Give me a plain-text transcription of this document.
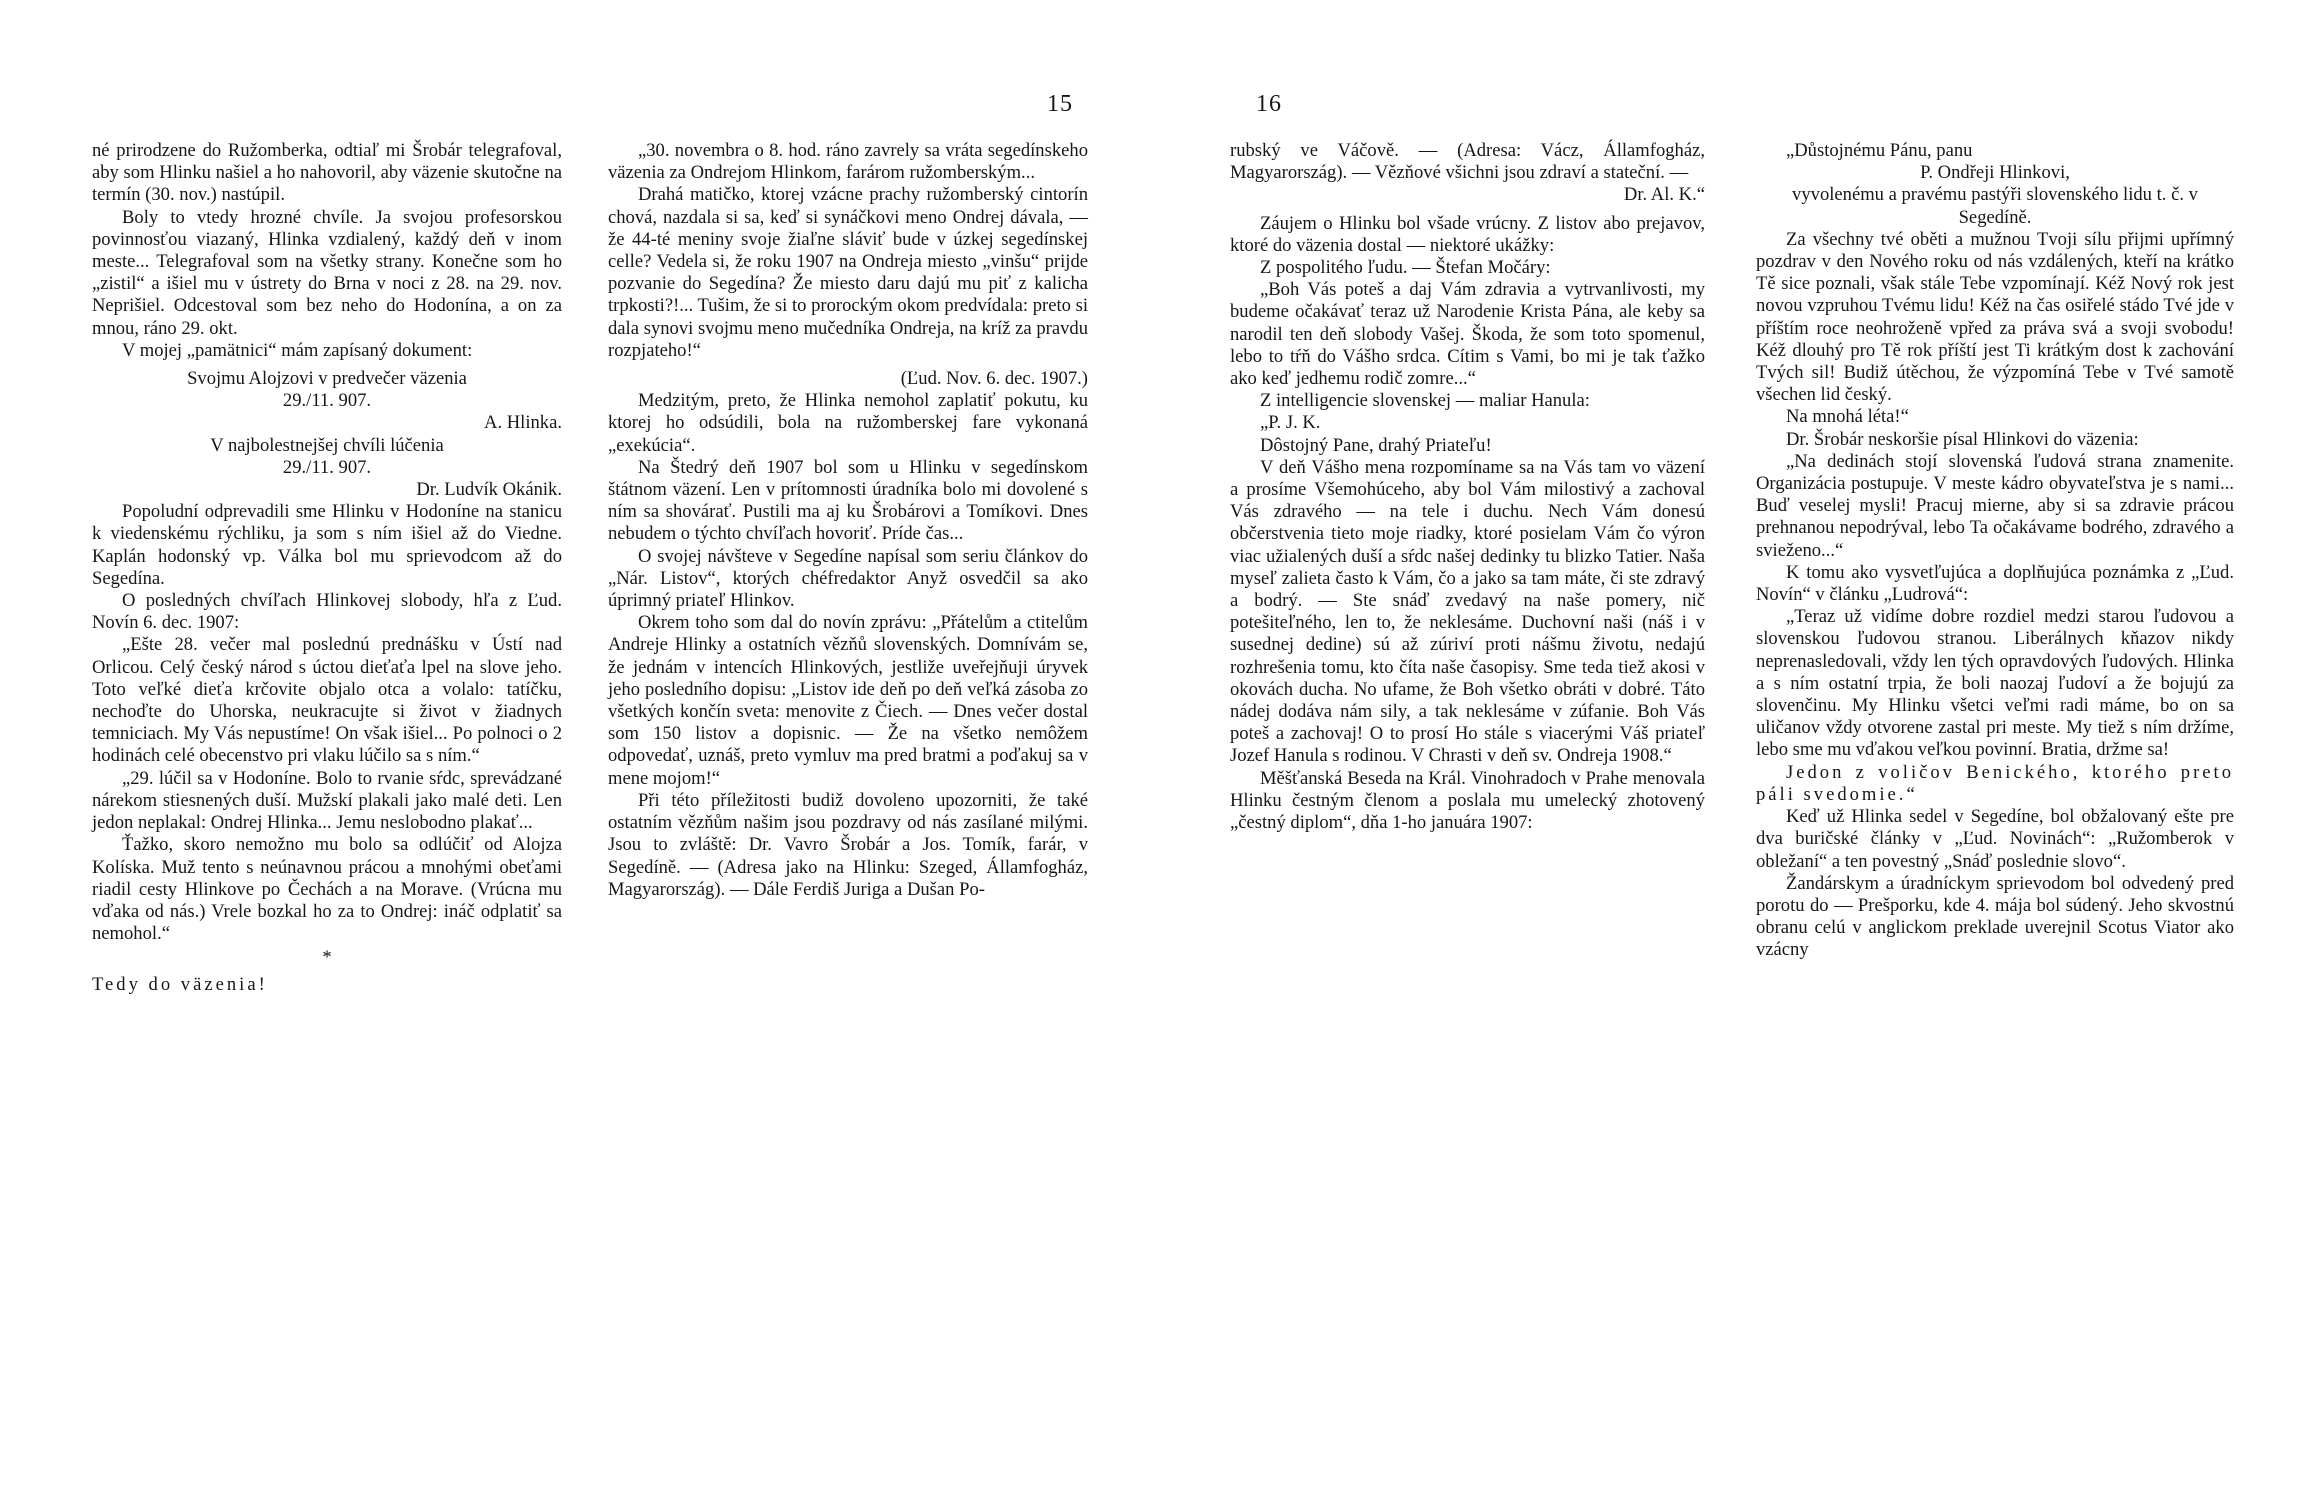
15

né prirodzene do Ružomberka, odtiaľ mi Šrobár telegrafoval, aby som Hlinku našiel a ho nahovoril, aby väzenie skutočne na termín (30. nov.) nastúpil.

Boly to vtedy hrozné chvíle. Ja svojou profesorskou povinnosťou viazaný, Hlinka vzdialený, každý deň v inom meste... Telegrafoval som na všetky strany. Konečne som ho „zistil“ a išiel mu v ústrety do Brna v noci z 28. na 29. nov. Neprišiel. Odcestoval som bez neho do Hodonína, a on za mnou, ráno 29. okt.

V mojej „pamätnici“ mám zapísaný dokument:

Svojmu Alojzovi v predvečer väzenia

29./11. 907.

A. Hlinka.

V najbolestnejšej chvíli lúčenia

29./11. 907.

Dr. Ludvík Okánik.

Popoludní odprevadili sme Hlinku v Hodoníne na stanicu k viedenskému rýchliku, ja som s ním išiel až do Viedne. Kaplán hodonský vp. Válka bol mu sprievodcom až do Segedína.

O posledných chvíľach Hlinkovej slobody, hľa z Ľud. Novín 6. dec. 1907:

„Ešte 28. večer mal poslednú prednášku v Ústí nad Orlicou. Celý český národ s úctou dieťaťa lpel na slove jeho. Toto veľké dieťa krčovite objalo otca a volalo: tatíčku, nechoďte do Uhorska, neukracujte si život v žiadnych temniciach. My Vás nepustíme! On však išiel... Po polnoci o 2 hodinách celé obecenstvo pri vlaku lúčilo sa s ním.“

„29. lúčil sa v Hodoníne. Bolo to rvanie sŕdc, sprevádzané nárekom stiesnených duší. Mužskí plakali jako malé deti. Len jedon neplakal: Ondrej Hlinka... Jemu neslobodno plakať...

Ťažko, skoro nemožno mu bolo sa odlúčiť od Alojza Kolíska. Muž tento s neúnavnou prácou a mnohými obeťami riadil cesty Hlinkove po Čechách a na Morave. (Vrúcna mu vďaka od nás.) Vrele bozkal ho za to Ondrej: ináč odplatiť sa nemohol.“

*

Tedy do väzenia!

„30. novembra o 8. hod. ráno zavrely sa vráta segedínskeho väzenia za Ondrejom Hlinkom, farárom ružomberským...

Drahá matičko, ktorej vzácne prachy ružomberský cintorín chová, nazdala si sa, keď si synáčkovi meno Ondrej dávala, — že 44-té meniny svoje žiaľne sláviť bude v úzkej segedínskej celle? Vedela si, že roku 1907 na Ondreja miesto „vinšu“ prijde pozvanie do Segedína? Že miesto daru dajú mu piť z kalicha trpkosti?!... Tušim, že si to prorockým okom predvídala: preto si dala synovi svojmu meno mučedníka Ondreja, na kríž za pravdu rozpjateho!“

(Ľud. Nov. 6. dec. 1907.)

Medzitým, preto, že Hlinka nemohol zaplatiť pokutu, ku ktorej ho odsúdili, bola na ružomberskej fare vykonaná „exekúcia“.

Na Štedrý deň 1907 bol som u Hlinku v segedínskom štátnom väzení. Len v prítomnosti úradníka bolo mi dovolené s ním sa shovárať. Pustili ma aj ku Šrobárovi a Tomíkovi. Dnes nebudem o týchto chvíľach hovoriť. Príde čas...

O svojej návšteve v Segedíne napísal som seriu článkov do „Nár. Listov“, ktorých chéfredaktor Anyž osvedčil sa ako úprimný priateľ Hlinkov.

Okrem toho som dal do novín zprávu: „Přátelům a ctitelům Andreje Hlinky a ostatních vězňů slovenských. Domnívám se, že jednám v intencích Hlinkových, jestliže uveřejňuji úryvek jeho posledního dopisu: „Listov ide deň po deň veľká zásoba zo všetkých končín sveta: menovite z Čiech. — Dnes večer dostal som 150 listov a dopisnic. — Že na všetko nemôžem odpovedať, uznáš, preto vymluv ma pred bratmi a poďakuj sa v mene mojom!“

Při této příležitosti budiž dovoleno upozorniti, že také ostatním vězňům našim jsou pozdravy od nás zasílané milými. Jsou to zvláště: Dr. Vavro Šrobár a Jos. Tomík, farár, v Segedíně. — (Adresa jako na Hlinku: Szeged, Államfogház, Magyarország). — Dále Ferdiš Juriga a Dušan Po-

16

rubský ve Váčově. — (Adresa: Vácz, Államfogház, Magyarország). — Vězňové všichni jsou zdraví a stateční. —

Dr. Al. K.“

Záujem o Hlinku bol všade vrúcny. Z listov abo prejavov, ktoré do väzenia dostal — niektoré ukážky:

Z pospolitého ľudu. — Štefan Močáry:

„Boh Vás poteš a daj Vám zdravia a vytrvanlivosti, my budeme očakávať teraz už Narodenie Krista Pána, ale keby sa narodil ten deň slobody Vašej. Škoda, že som toto spomenul, lebo to tŕň do Vášho srdca. Cítim s Vami, bo mi je tak ťažko ako keď jedhemu rodič zomre...“

Z intelligencie slovenskej — maliar Hanula:

„P. J. K.

Dôstojný Pane, drahý Priateľu!

V deň Vášho mena rozpomíname sa na Vás tam vo väzení a prosíme Všemohúceho, aby bol Vám milostivý a zachoval Vás zdravého — na tele i duchu. Nech Vám donesú občerstvenia tieto moje riadky, ktoré posielam Vám čo výron viac užialených duší a sŕdc našej dedinky tu blizko Tatier. Naša myseľ zalieta často k Vám, čo a jako sa tam máte, či ste zdravý a bodrý. — Ste snáď zvedavý na naše pomery, nič potešiteľného, len to, že neklesáme. Duchovní naši (náš i v susednej dedine) sú až zúriví proti nášmu životu, nedajú rozhrešenia tomu, kto číta naše časopisy. Sme teda tiež akosi v okovách ducha. No ufame, že Boh všetko obráti v dobré. Táto nádej dodáva nám sily, a tak neklesáme v zúfanie. Boh Vás poteš a zachovaj! O to prosí Ho stále s viacerými Váš priateľ Jozef Hanula s rodinou. V Chrasti v deň sv. Ondreja 1908.“

Měšťanská Beseda na Král. Vinohradoch v Prahe menovala Hlinku čestným členom a poslala mu umelecký zhotovený „čestný diplom“, dňa 1-ho januára 1907:

„Důstojnému Pánu, panu

P. Ondřeji Hlinkovi,

vyvolenému a pravému pastýři slovenského lidu t. č. v Segedíně.

Za všechny tvé oběti a mužnou Tvoji sílu přijmi upřímný pozdrav v den Nového roku od nás vzdálených, kteří na krátko Tě sice poznali, však stále Tebe vzpomínají. Kéž Nový rok jest novou vzpruhou Tvému lidu! Kéž na čas osiřelé stádo Tvé jde v příštím roce neohroženě vpřed za práva svá a svoji svobodu! Kéž dlouhý pro Tě rok příští jest Ti krátkým dost k zachování Tvých sil! Budiž útěchou, že výzpomíná Tebe v Tvé samotě všechen lid český.

Na mnohá léta!“

Dr. Šrobár neskoršie písal Hlinkovi do väzenia:

„Na dedinách stojí slovenská ľudová strana znamenite. Organizácia postupuje. V meste kádro obyvateľstva je s nami... Buď veselej mysli! Pracuj mierne, aby si sa zdravie prácou prehnanou nepodrýval, lebo Ta očakávame bodrého, zdravého a svieženo...“

K tomu ako vysvetľujúca a doplňujúca poznámka z „Ľud. Novín“ v článku „Ludrová“:

„Teraz už vidíme dobre rozdiel medzi starou ľudovou a slovenskou ľudovou stranou. Liberálnych kňazov nikdy neprenasledovali, vždy len tých opravdových ľudových. Hlinka a s ním ostatní trpia, že boli naozaj ľudoví a že bojujú za slovenčinu. My Hlinku všetci veľmi radi máme, bo on sa uličanov vždy otvorene zastal pri meste. My tiež s ním držíme, lebo sme mu vďakou veľkou povinní. Bratia, držme sa!

Jedon z voličov Benického, ktorého preto páli svedomie.“

Keď už Hlinka sedel v Segedíne, bol obžalovaný ešte pre dva buričské články v „Ľud. Novinách“: „Ružomberok v obležaní“ a ten povestný „Snáď poslednie slovo“.

Žandárskym a úradníckym sprievodom bol odvedený pred porotu do — Prešporku, kde 4. mája bol súdený. Jeho skvostnú obranu celú v anglickom preklade uverejnil Scotus Viator ako vzácny
